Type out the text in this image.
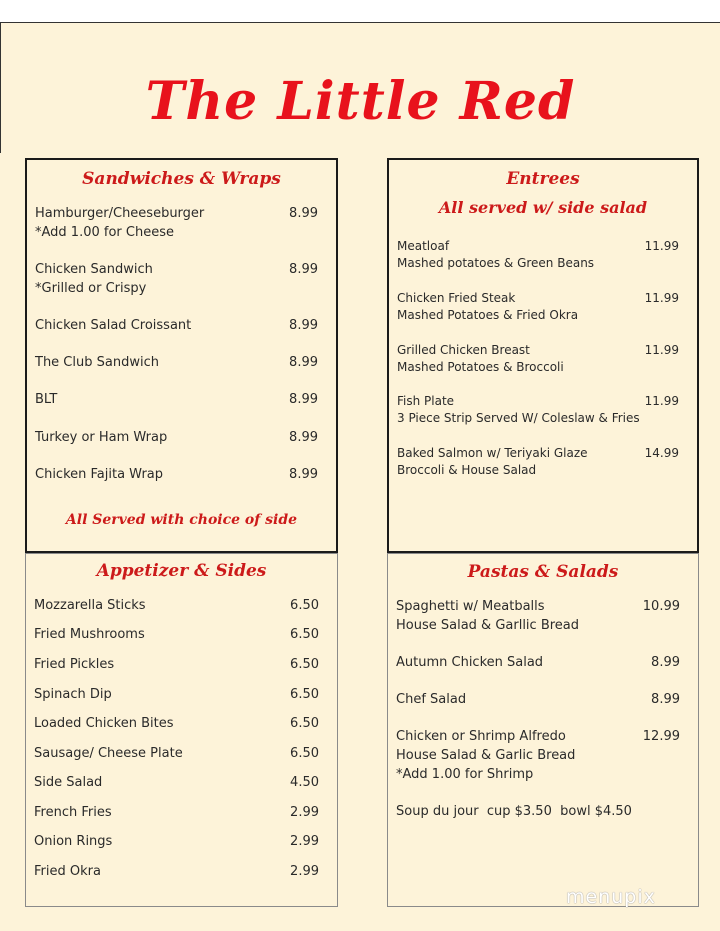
The Little Red
Sandwiches & Wraps
Hamburger/Cheeseburger	8.99
*Add 1.00 for Cheese
Chicken Sandwich	8.99
*Grilled or Crispy
Chicken Salad Croissant	8.99
The Club Sandwich	8.99
BLT	8.99
Turkey or Ham Wrap	8.99
Chicken Fajita Wrap	8.99
All Served with choice of side
Entrees
All served w/ side salad
Meatloaf	11.99
Mashed potatoes & Green Beans
Chicken Fried Steak	11.99
Mashed Potatoes & Fried Okra
Grilled Chicken Breast	11.99
Mashed Potatoes & Broccoli
Fish Plate	11.99
3 Piece Strip Served W/ Coleslaw & Fries
Baked Salmon w/ Teriyaki Glaze	14.99
Broccoli & House Salad
Appetizer & Sides
Mozzarella Sticks	6.50
Fried Mushrooms	6.50
Fried Pickles	6.50
Spinach Dip	6.50
Loaded Chicken Bites	6.50
Sausage/ Cheese Plate	6.50
Side Salad	4.50
French Fries	2.99
Onion Rings	2.99
Fried Okra	2.99
Pastas & Salads
Spaghetti w/ Meatballs	10.99
House Salad & Garllic Bread
Autumn Chicken Salad	8.99
Chef Salad	8.99
Chicken or Shrimp Alfredo	12.99
House Salad & Garlic Bread
*Add 1.00 for Shrimp
Soup du jour  cup $3.50  bowl $4.50
menupix
